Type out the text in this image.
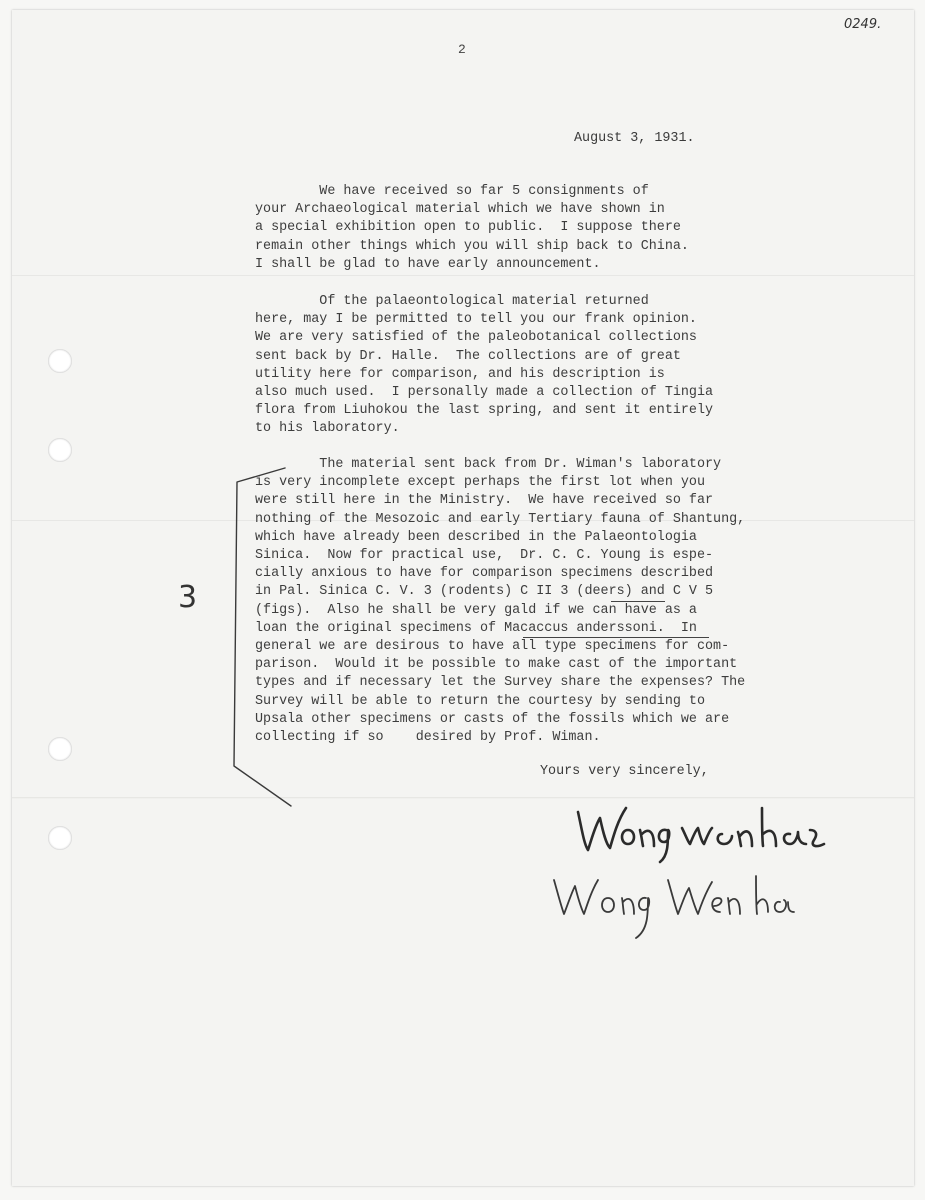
0249.
2
August 3, 1931.
We have received so far 5 consignments of
your Archaeological material which we have shown in
a special exhibition open to public.  I suppose there
remain other things which you will ship back to China.
I shall be glad to have early announcement.
Of the palaeontological material returned
here, may I be permitted to tell you our frank opinion.
We are very satisfied of the paleobotanical collections
sent back by Dr. Halle.  The collections are of great
utility here for comparison, and his description is
also much used.  I personally made a collection of Tingia
flora from Liuhokou the last spring, and sent it entirely
to his laboratory.
The material sent back from Dr. Wiman's laboratory
is very incomplete except perhaps the first lot when you
were still here in the Ministry.  We have received so far
nothing of the Mesozoic and early Tertiary fauna of Shantung,
which have already been described in the Palaeontologia
Sinica.  Now for practical use,  Dr. C. C. Young is espe-
cially anxious to have for comparison specimens described
in Pal. Sinica C. V. 3 (rodents) C II 3 (deers) and C V 5
(figs).  Also he shall be very gald if we can have as a
loan the original specimens of Macaccus anderssoni.  In
general we are desirous to have all type specimens for com-
parison.  Would it be possible to make cast of the important
types and if necessary let the Survey share the expenses? The
Survey will be able to return the courtesy by sending to
Upsala other specimens or casts of the fossils which we are
collecting if so    desired by Prof. Wiman.
3
Yours very sincerely,
